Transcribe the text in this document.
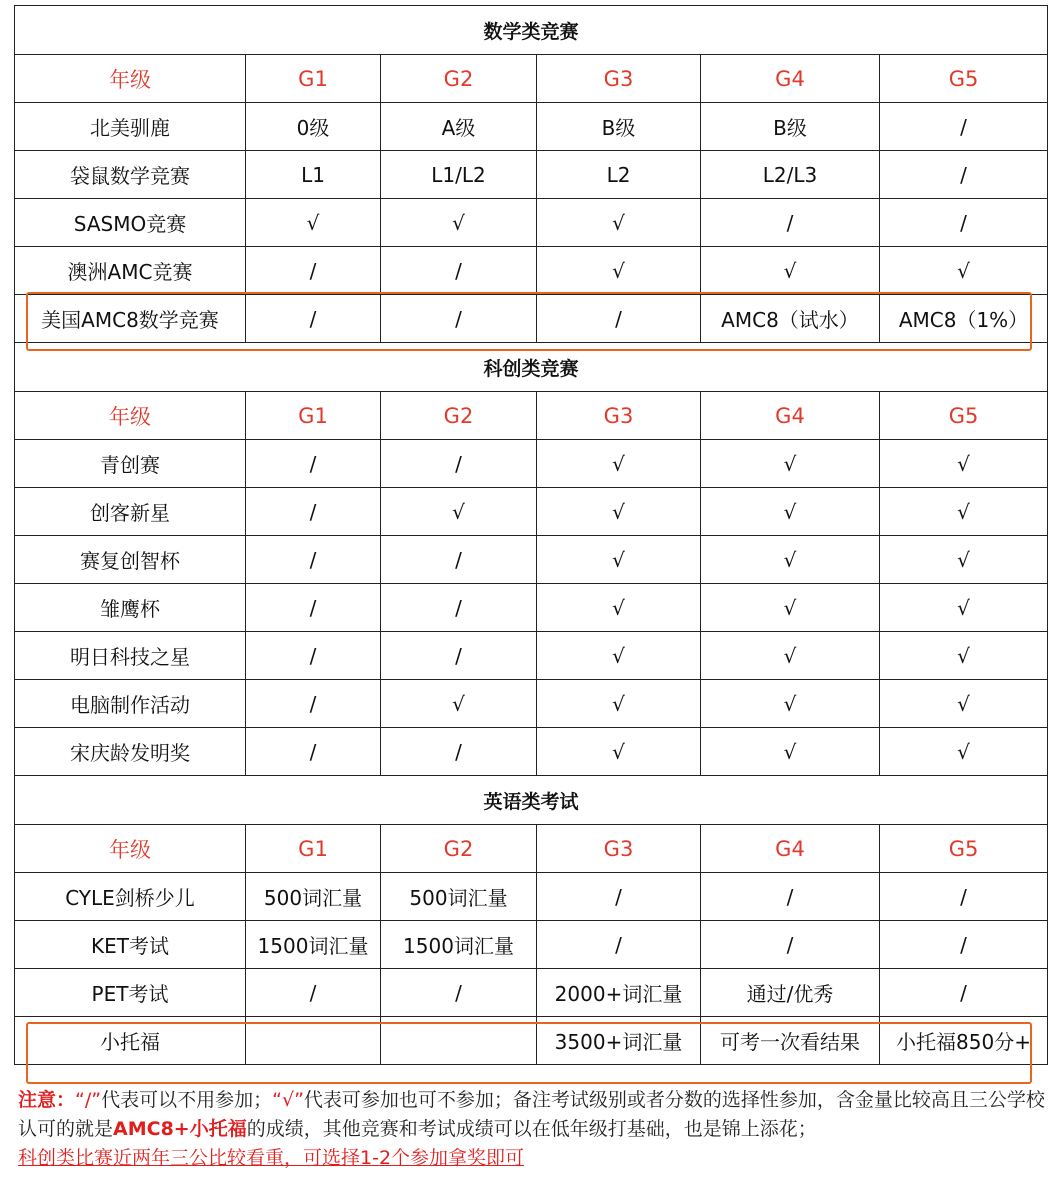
数学类竞赛					
年级	G1	G2	G3	G4	G5
北美驯鹿	0级	A级	B级	B级	/
袋鼠数学竞赛	L1	L1/L2	L2	L2/L3	/
SASMO竞赛	√	√	√	/	/
澳洲AMC竞赛	/	/	√	√	√
美国AMC8数学竞赛	/	/	/	AMC8（试水）	AMC8（1%）
科创类竞赛					
年级	G1	G2	G3	G4	G5
青创赛	/	/	√	√	√
创客新星	/	√	√	√	√
赛复创智杯	/	/	√	√	√
雏鹰杯	/	/	√	√	√
明日科技之星	/	/	√	√	√
电脑制作活动	/	√	√	√	√
宋庆龄发明奖	/	/	√	√	√
英语类考试					
年级	G1	G2	G3	G4	G5
CYLE剑桥少儿	500词汇量	500词汇量	/	/	/
KET考试	1500词汇量	1500词汇量	/	/	/
PET考试	/	/	2000+词汇量	通过/优秀	/
小托福			3500+词汇量	可考一次看结果	小托福850分+
注意：“/”代表可以不用参加；“√”代表可参加也可不参加；备注考试级别或者分数的选择性参加，含金量比较高且三公学校认可的就是AMC8+小托福的成绩，其他竞赛和考试成绩可以在低年级打基础，也是锦上添花；
科创类比赛近两年三公比较看重，可选择1-2个参加拿奖即可
